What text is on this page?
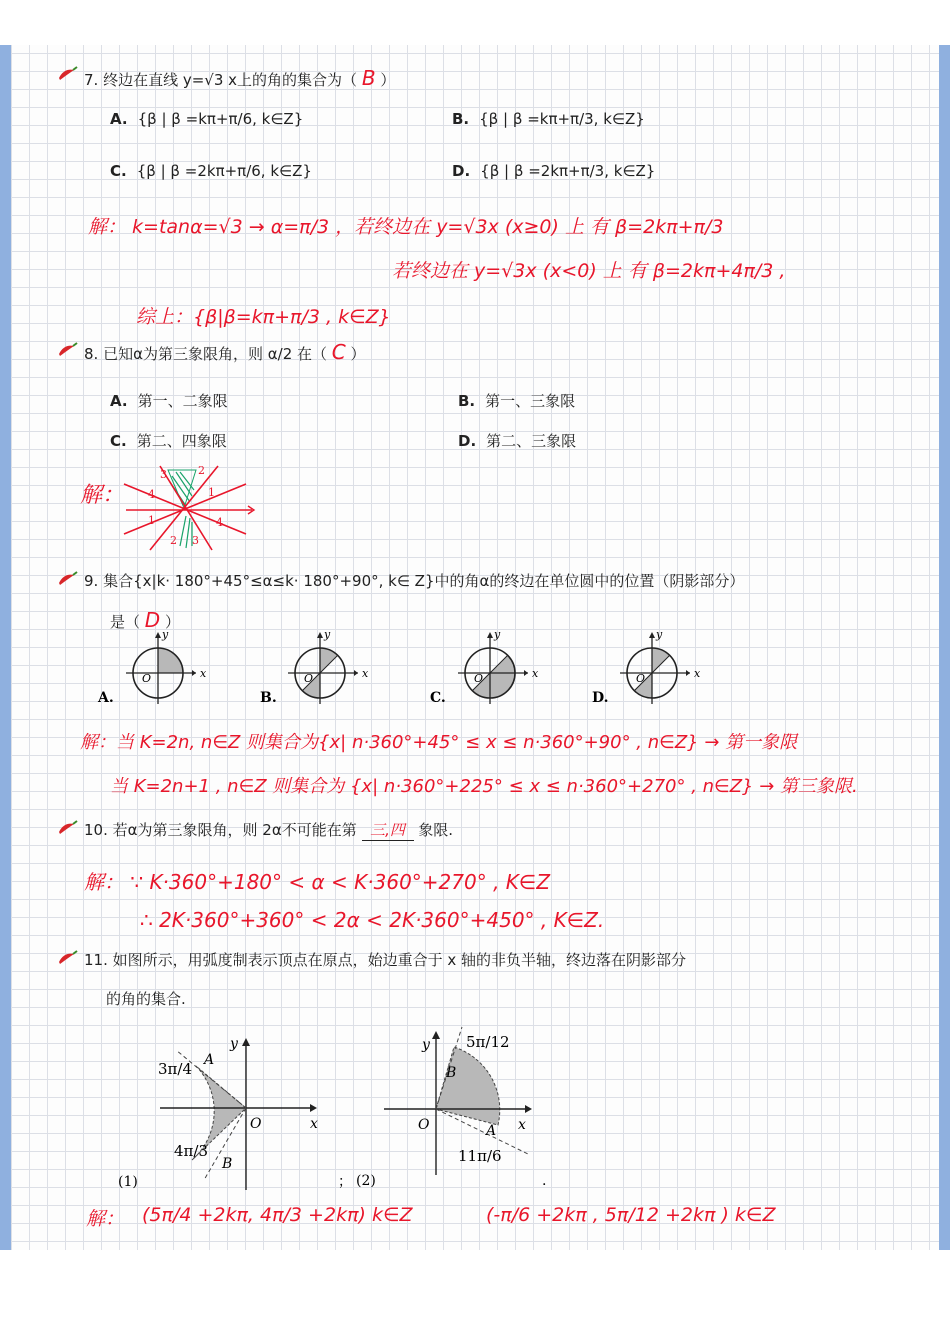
7. 终边在直线 y=√3 x上的角的集合为（ B ）
A. {β | β =kπ+π/6, k∈Z}	B. {β | β =kπ+π/3, k∈Z}
C. {β | β =2kπ+π/6, k∈Z}	D. {β | β =2kπ+π/3, k∈Z}
解： k=tanα=√3 → α=π/3 ，若终边在 y=√3x (x≥0) 上 有 β=2kπ+π/3
若终边在 y=√3x (x<0) 上 有 β=2kπ+4π/3 ,
综上：{β|β=kπ+π/3 , k∈Z}
8. 已知α为第三象限角，则 α/2 在（ C ）
A. 第一、二象限	B. 第一、三象限
C. 第二、四象限	D. 第二、三象限
解：
3	2
4	1
1	4
2 3
9. 集合{x|k· 180°+45°≤α≤k· 180°+90°, k∈ Z}中的角α的终边在单位圆中的位置（阴影部分）
是（ D ）
y
x
O
A.
y
x
O
B.
y
x
O
C.
y
x
O
D.
解：当 K=2n, n∈Z 则集合为{x| n·360°+45° ≤ x ≤ n·360°+90° , n∈Z} → 第一象限
当 K=2n+1 , n∈Z 则集合为 {x| n·360°+225° ≤ x ≤ n·360°+270° , n∈Z} → 第三象限.
10. 若α为第三象限角，则 2α不可能在第 三,四 象限.
解： ∵ K·360°+180° < α < K·360°+270° , K∈Z
∴ 2K·360°+360° < 2α < 2K·360°+450° , K∈Z.
11. 如图所示，用弧度制表示顶点在原点，始边重合于 x 轴的非负半轴，终边落在阴影部分
的角的集合.
y
x
O
3π/4 A
4π/3
B
(1)	；
y
x
O
5π/12
B
11π/6
A
(2)	.
解： (5π/4 +2kπ, 4π/3 +2kπ) k∈Z	(-π/6 +2kπ , 5π/12 +2kπ ) k∈Z
